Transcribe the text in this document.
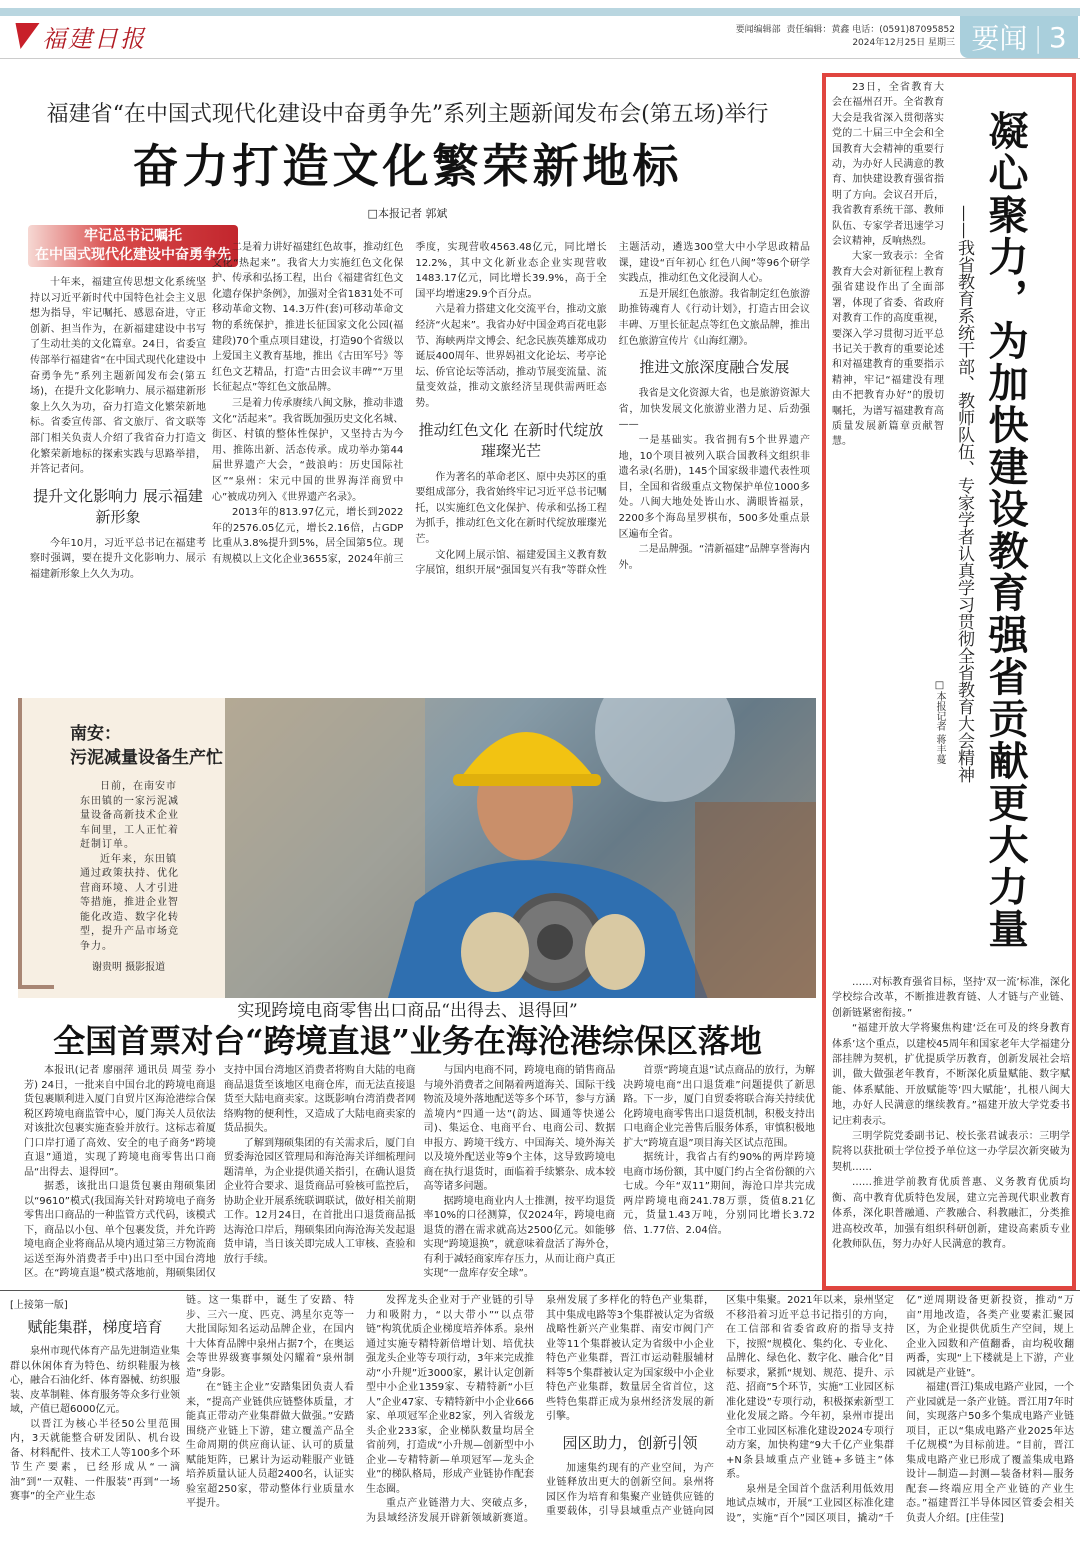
福建日报	要闻编辑部 责任编辑：黄鑫 电话：(0591)87095852
2024年12月25日 星期三 要闻 | 3
福建省“在中国式现代化建设中奋勇争先”系列主题新闻发布会(第五场)举行
奋力打造文化繁荣新地标
□本报记者 郭斌
牢记总书记嘱托
在中国式现代化建设中奋勇争先

十年来，福建宣传思想文化系统坚持以习近平新时代中国特色社会主义思想为指导，牢记嘱托、感恩奋进，守正创新、担当作为，在新福建建设中书写了生动壮美的文化篇章。24日，省委宣传部举行福建省“在中国式现代化建设中奋勇争先”系列主题新闻发布会(第五场)，在提升文化影响力、展示福建新形象上久久为功，奋力打造文化繁荣新地标。省委宣传部、省文旅厅、省文联等部门相关负责人介绍了我省奋力打造文化繁荣新地标的探索实践与思路举措，并答记者问。

提升文化影响力 展示福建新形象

今年10月，习近平总书记在福建考察时强调，要在提升文化影响力、展示福建新形象上久久为功。

二是着力讲好福建红色故事，推动红色文化“热起来”。我省大力实施红色文化保护、传承和弘扬工程，出台《福建省红色文化遗存保护条例》，加强对全省1831处不可移动革命文物、14.3万件(套)可移动革命文物的系统保护，推进长征国家文化公园(福建段)70个重点项目建设，打造90个省级以上爱国主义教育基地，推出《古田军号》等红色文艺精品，打造“古田会议丰碑”“万里长征起点”等红色文旅品牌。

三是着力传承赓续八闽文脉，推动非遗文化“活起来”。我省既加强历史文化名城、街区、村镇的整体性保护，又坚持古为今用、推陈出新、活态传承。成功举办第44届世界遗产大会，“鼓浪屿：历史国际社区”“泉州：宋元中国的世界海洋商贸中心”被成功列入《世界遗产名录》。

2013年的813.97亿元，增长到2022年的2576.05亿元，增长2.16倍，占GDP比重从3.8%提升到5%，居全国第5位。现有规模以上文化企业3655家，2024年前三季度，实现营收4563.48亿元，同比增长12.2%，其中文化新业态企业实现营收1483.17亿元，同比增长39.9%，高于全国平均增速29.9个百分点。

六是着力搭建文化交流平台，推动文旅经济“火起来”。我省办好中国金鸡百花电影节、海峡两岸文博会、纪念民族英雄郑成功诞辰400周年、世界妈祖文化论坛、考亭论坛、侨官论坛等活动，推动节展变流量、流量变效益，推动文旅经济呈现供需两旺态势。

推动红色文化 在新时代绽放璀璨光芒

作为著名的革命老区、原中央苏区的重要组成部分，我省始终牢记习近平总书记嘱托，以实施红色文化保护、传承和弘扬工程为抓手，推动红色文化在新时代绽放璀璨光芒。

文化网上展示馆、福建爱国主义教育数字展馆，组织开展“强国复兴有我”等群众性主题活动，遴选300堂大中小学思政精品课，建设“百年初心 红色八闽”等96个研学实践点，推动红色文化浸润人心。

五是开展红色旅游。我省制定红色旅游助推铸魂育人《行动计划》，打造古田会议丰碑、万里长征起点等红色文旅品牌，推出红色旅游宣传片《山海红潮》。

推进文旅深度融合发展

我省是文化资源大省，也是旅游资源大省，加快发展文化旅游业潜力足、后劲强——

一是基础实。我省拥有5个世界遗产地，10个项目被列入联合国教科文组织非遗名录(名册)，145个国家级非遗代表性项目，全国和省级重点文物保护单位1000多处。八闽大地处处皆山水、满眼皆福景，2200多个海岛星罗棋布，500多处重点景区遍布全省。

二是品牌强。“清新福建”品牌享誉海内外。

23日，全省教育大会在福州召开。全省教育大会是我省深入贯彻落实党的二十届三中全会和全国教育大会精神的重要行动，为办好人民满意的教育、加快建设教育强省指明了方向。会议召开后，我省教育系统干部、教师队伍、专家学者迅速学习会议精神，反响热烈。

大家一致表示：全省教育大会对新征程上教育强省建设作出了全面部署，体现了省委、省政府对教育工作的高度重视，要深入学习贯彻习近平总书记关于教育的重要论述和对福建教育的重要指示精神，牢记“福建没有理由不把教育办好”的殷切嘱托，为谱写福建教育高质量发展新篇章贡献智慧。	凝心聚力，为加快建设教育强省贡献更大力量
——我省教育系统干部、教师队伍、专家学者认真学习贯彻全省教育大会精神
□本报记者 蒋丰蔓

……对标教育强省目标，坚持‘双一流’标准，深化学校综合改革，不断推进教育链、人才链与产业链、创新链紧密衔接。”

“福建开放大学将聚焦构建‘泛在可及的终身教育体系’这个重点，以建校45周年和国家老年大学福建分部挂牌为契机，扩优提质学历教育，创新发展社会培训，做大做强老年教育，不断深化质量赋能、数字赋能、体系赋能、开放赋能等‘四大赋能’，扎根八闽大地，办好人民满意的继续教育。”福建开放大学党委书记庄莉表示。

三明学院党委副书记、校长张君诚表示：三明学院将以获批硕士学位授予单位这一办学层次新突破为契机……

……推进学前教育优质普惠、义务教育优质均衡、高中教育优质特色发展，建立完善现代职业教育体系，深化职普融通、产教融合、科教融汇，分类推进高校改革，加强有组织科研创新，建设高素质专业化教师队伍，努力办好人民满意的教育。

南安：
污泥减量设备生产忙

日前，在南安市东田镇的一家污泥减量设备高新技术企业车间里，工人正忙着赶制订单。

近年来，东田镇通过政策扶持、优化营商环境、人才引进等措施，推进企业智能化改造、数字化转型，提升产品市场竞争力。

谢贵明 摄影报道
实现跨境电商零售出口商品“出得去、退得回”
全国首票对台“跨境直退”业务在海沧港综保区落地

本报讯(记者 廖丽萍 通讯员 周莹 券小芳) 24日，一批来自中国台北的跨境电商退货包裹顺利进入厦门自贸片区海沧港综合保税区跨境电商监管中心，厦门海关人员依法对该批次包裹实施查验并放行。这标志着厦门口岸打通了高效、安全的电子商务“跨境直退”通道，实现了跨境电商零售出口商品“出得去、退得回”。

据悉，该批出口退货包裹由翔硕集团以“9610”模式(我国海关针对跨境电子商务零售出口商品的一种监管方式代码，该模式下，商品以小包、单个包裹发货，并允许跨境电商企业将商品从境内通过第三方物流商运送至海外消费者手中)出口至中国台湾地区。在“跨境直退”模式落地前，翔硕集团仅支持中国台湾地区消费者将购自大陆的电商商品退货至该地区电商仓库，而无法直接退货至大陆电商卖家。这既影响台湾消费者网络购物的便利性，又造成了大陆电商卖家的货品损失。

了解到翔硕集团的有关需求后，厦门自贸委海沧园区管理局和海沧海关详细梳理问题清单，为企业提供通关指引，在确认退货企业符合要求、退货商品可验核可监控后，协助企业开展系统联调联试，做好相关前期工作。12月24日，在首批出口退货商品抵达海沧口岸后，翔硕集团向海沧海关发起退货申请，当日该关即完成人工审核、查验和放行手续。

与国内电商不同，跨境电商的销售商品与境外消费者之间隔着两道海关、国际干线物流及境外落地配送等多个环节，参与方涵盖境内“四通一达”(韵达、圆通等快递公司)、集运仓、电商平台、电商公司、数据申报方、跨境干线方、中国海关、境外海关以及境外配送业等9个主体，这导致跨境电商在执行退货时，面临着手续繁杂、成本较高等诸多问题。

据跨境电商业内人士推测，按平均退货率10%的口径测算，仅2024年，跨境电商退货的潜在需求就高达2500亿元。如能够实现“跨境退换”，就意味着盘活了海外仓，有利于减轻商家库存压力，从而让商户真正实现“一盘库存安全球”。

首票“跨境直退”试点商品的放行，为解决跨境电商“出口退货难”问题提供了新思路。下一步，厦门自贸委将联合海关持续优化跨境电商零售出口退货机制，积极支持出口电商企业完善售后服务体系，审慎积极地扩大“跨境直退”项目海关区试点范围。

据统计，我省占有约90%的两岸跨境电商市场份额，其中厦门约占全省份额的六七成。今年“双11”期间，海沧口岸共完成两岸跨境电商241.78万票，货值8.21亿元，货量1.43万吨，分别同比增长3.72倍、1.77倍、2.04倍。

[上接第一版]
赋能集群，梯度培育

泉州市现代体育产品先进制造业集群以休闲体育为特色、纺织鞋服为核心，融合石油化纤、体育器械、纺织服装、皮革制鞋、体育服务等众多行业领域，产值已超6000亿元。

以晋江为核心半径50公里范围内，3天就能整合研发团队、机台设备、材料配件、技术工人等100多个环节生产要素，已经形成从“一滴油”到“一双鞋、一件服装”再到“一场赛事”的全产业生态

链。这一集群中，诞生了安踏、特步、三六一度、匹克、鸿星尔克等一大批国际知名运动品牌企业，在国内十大体育品牌中泉州占据7个，在奥运会等世界级赛事频处闪耀着“泉州制造”身影。

在“链主企业”安踏集团负责人看来，“提高产业链供应链整体质量，才能真正带动产业集群做大做强。”安踏围绕产业链上下游，建立覆盖产品全生命周期的供应商认证、认可的质量赋能矩阵，已累计为运动鞋服产业链培养质量认证人员超2400名，认证实验室超250家，带动整体行业质量水平提升。

发挥龙头企业对于产业链的引导力和吸附力，“以大带小”“以点带链”构筑优质企业梯度培养体系。泉州通过实施专精特新倍增计划、培优扶强龙头企业等专项行动，3年来完成推动“小升规”近3000家，累计认定创新型中小企业1359家、专精特新“小巨人”企业47家、专精特新中小企业666家、单项冠军企业82家，列入省级龙头企业233家，企业梯队数量均居全省前列，打造成“小升规—创新型中小企业—专精特新—单项冠军—龙头企业”的梯队格局，形成产业链协作配套生态圈。

重点产业链潜力大、突破点多，为县域经济发展开辟新领域新赛道。泉州发展了多样化的特色产业集群，其中集成电路等3个集群被认定为省级战略性新兴产业集群、南安市阀门产业等11个集群被认定为省级中小企业特色产业集群，晋江市运动鞋服辅材料等5个集群被认定为国家级中小企业特色产业集群，数量居全省首位，这些特色集群正成为泉州经济发展的新引擎。

园区助力，创新引领

加速集约现有的产业空间，为产业链释放出更大的创新空间。泉州将园区作为培育和集聚产业链供应链的重要载体，引导县域重点产业链向园区集中集聚。2021年以来，泉州坚定不移沿着习近平总书记指引的方向，在工信部和省委省政府的指导支持下，按照“规模化、集约化、专业化、品牌化、绿色化、数字化、融合化”目标要求，紧抓“规划、规范、提升、示范、招商”5个环节，实施“工业园区标准化建设”专项行动，积极探索新型工业化发展之路。今年初，泉州市提出全市工业园区标准化建设2024专项行动方案，加快构建“9大千亿产业集群+N条县域重点产业链+多链主”体系。

泉州是全国首个盘活利用低效用地试点城市，开展“工业园区标准化建设”，实施“百个”园区项目，撬动“千亿”逆周期设备更新投资，推动“万亩”用地改造，各类产业要素汇聚园区，为企业提供优质生产空间，规上企业入园数和产值翻番，亩均税收翻两番，实现“上下楼就是上下游，产业园就是产业链”。

福建(晋江)集成电路产业园，一个产业园就是一条产业链。晋江用7年时间，实现落户50多个集成电路产业链项目，正以“集成电路产业2025年达千亿规模”为目标前进。“目前，晋江集成电路产业已形成了覆盖集成电路设计—制造—封测—装备材料—服务配套—终端应用全产业链的产业生态。”福建晋江半导体园区管委会相关负责人介绍。[庄佳莹]
